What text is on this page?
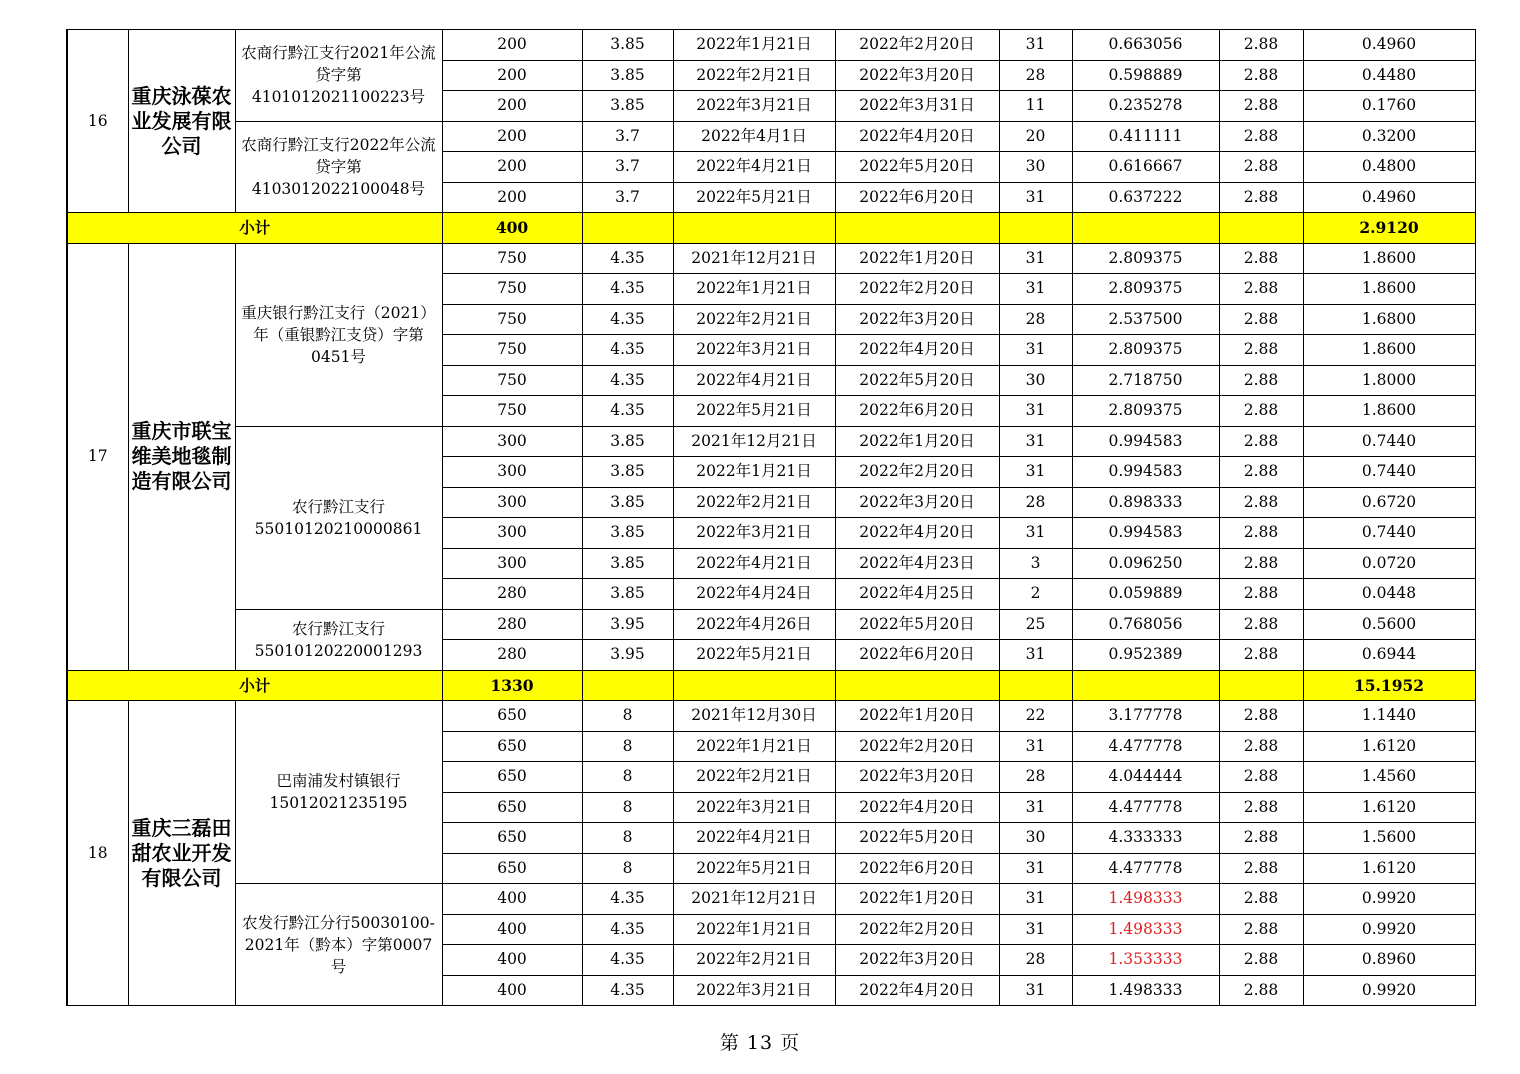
16	重庆泳葆农业发展有限公司	农商行黔江支行2021年公流贷字第4101012021100223号	200	3.85	2022年1月21日	2022年2月20日	31	0.663056	2.88	0.4960
			200	3.85	2022年2月21日	2022年3月20日	28	0.598889	2.88	0.4480
			200	3.85	2022年3月21日	2022年3月31日	11	0.235278	2.88	0.1760
		农商行黔江支行2022年公流贷字第4103012022100048号	200	3.7	2022年4月1日	2022年4月20日	20	0.411111	2.88	0.3200
			200	3.7	2022年4月21日	2022年5月20日	30	0.616667	2.88	0.4800
			200	3.7	2022年5月21日	2022年6月20日	31	0.637222	2.88	0.4960
小计			400							2.9120
17	重庆市联宝维美地毯制造有限公司	重庆银行黔江支行（2021）年（重银黔江支贷）字第0451号	750	4.35	2021年12月21日	2022年1月20日	31	2.809375	2.88	1.8600
			750	4.35	2022年1月21日	2022年2月20日	31	2.809375	2.88	1.8600
			750	4.35	2022年2月21日	2022年3月20日	28	2.537500	2.88	1.6800
			750	4.35	2022年3月21日	2022年4月20日	31	2.809375	2.88	1.8600
			750	4.35	2022年4月21日	2022年5月20日	30	2.718750	2.88	1.8000
			750	4.35	2022年5月21日	2022年6月20日	31	2.809375	2.88	1.8600
		农行黔江支行55010120210000861	300	3.85	2021年12月21日	2022年1月20日	31	0.994583	2.88	0.7440
			300	3.85	2022年1月21日	2022年2月20日	31	0.994583	2.88	0.7440
			300	3.85	2022年2月21日	2022年3月20日	28	0.898333	2.88	0.6720
			300	3.85	2022年3月21日	2022年4月20日	31	0.994583	2.88	0.7440
			300	3.85	2022年4月21日	2022年4月23日	3	0.096250	2.88	0.0720
			280	3.85	2022年4月24日	2022年4月25日	2	0.059889	2.88	0.0448
		农行黔江支行55010120220001293	280	3.95	2022年4月26日	2022年5月20日	25	0.768056	2.88	0.5600
			280	3.95	2022年5月21日	2022年6月20日	31	0.952389	2.88	0.6944
小计			1330							15.1952
18	重庆三磊田甜农业开发有限公司	巴南浦发村镇银行15012021235195	650	8	2021年12月30日	2022年1月20日	22	3.177778	2.88	1.1440
			650	8	2022年1月21日	2022年2月20日	31	4.477778	2.88	1.6120
			650	8	2022年2月21日	2022年3月20日	28	4.044444	2.88	1.4560
			650	8	2022年3月21日	2022年4月20日	31	4.477778	2.88	1.6120
			650	8	2022年4月21日	2022年5月20日	30	4.333333	2.88	1.5600
			650	8	2022年5月21日	2022年6月20日	31	4.477778	2.88	1.6120
		农发行黔江分行50030100-2021年（黔本）字第0007号	400	4.35	2021年12月21日	2022年1月20日	31	1.498333	2.88	0.9920
			400	4.35	2022年1月21日	2022年2月20日	31	1.498333	2.88	0.9920
			400	4.35	2022年2月21日	2022年3月20日	28	1.353333	2.88	0.8960
			400	4.35	2022年3月21日	2022年4月20日	31	1.498333	2.88	0.9920
第 13 页
